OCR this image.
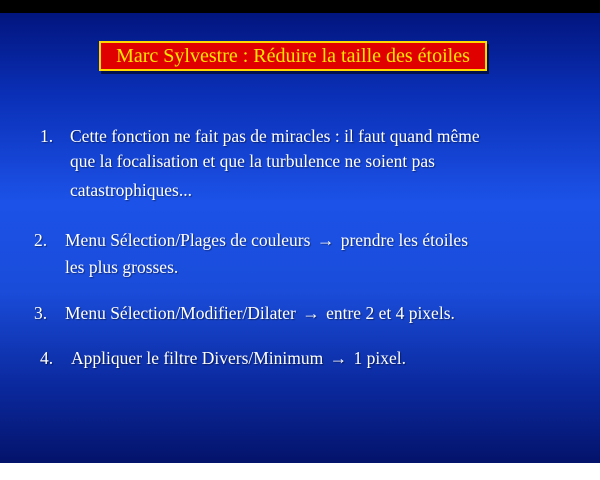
Marc Sylvestre : Réduire la taille des étoiles
1. Cette fonction ne fait pas de miracles : il faut quand même
que la focalisation et que la turbulence ne soient pas
catastrophiques...
2. Menu Sélection/Plages de couleurs → prendre les étoiles
les plus grosses.
3. Menu Sélection/Modifier/Dilater → entre 2 et 4 pixels.
4. Appliquer le filtre Divers/Minimum → 1 pixel.
